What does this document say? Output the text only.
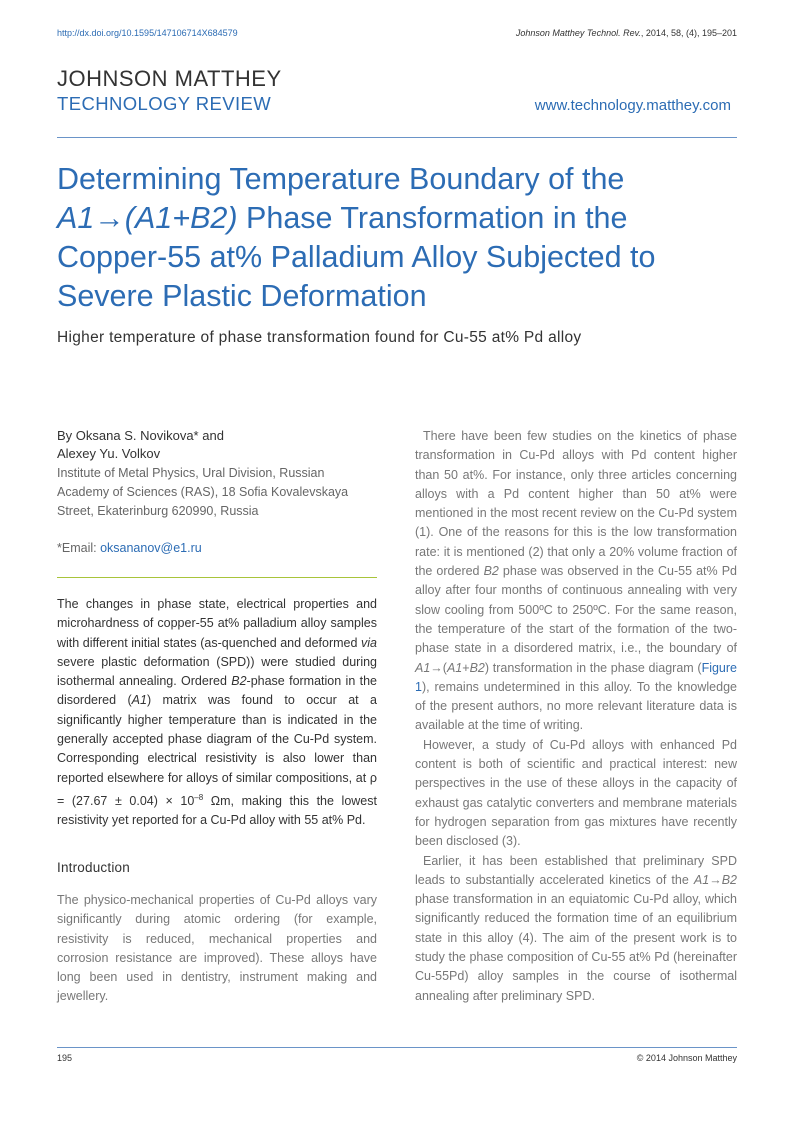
http://dx.doi.org/10.1595/147106714X684579	Johnson Matthey Technol. Rev., 2014, 58, (4), 195–201
JOHNSON MATTHEY
TECHNOLOGY REVIEW	www.technology.matthey.com
Determining Temperature Boundary of the A1→(A1+B2) Phase Transformation in the Copper-55 at% Palladium Alloy Subjected to Severe Plastic Deformation
Higher temperature of phase transformation found for Cu-55 at% Pd alloy
By Oksana S. Novikova* and
Alexey Yu. Volkov
Institute of Metal Physics, Ural Division, Russian Academy of Sciences (RAS), 18 Sofia Kovalevskaya Street, Ekaterinburg 620990, Russia
*Email: oksananov@e1.ru

The changes in phase state, electrical properties and microhardness of copper-55 at% palladium alloy samples with different initial states (as-quenched and deformed via severe plastic deformation (SPD)) were studied during isothermal annealing. Ordered B2-phase formation in the disordered (A1) matrix was found to occur at a significantly higher temperature than is indicated in the generally accepted phase diagram of the Cu-Pd system. Corresponding electrical resistivity is also lower than reported elsewhere for alloys of similar compositions, at $\rho = (27.67 \pm 0.04) \times 10^{-8}$ Ωm, making this the lowest resistivity yet reported for a Cu-Pd alloy with 55 at% Pd.

Introduction

The physico-mechanical properties of Cu-Pd alloys vary significantly during atomic ordering (for example, resistivity is reduced, mechanical properties and corrosion resistance are improved). These alloys have long been used in dentistry, instrument making and jewellery.

There have been few studies on the kinetics of phase transformation in Cu-Pd alloys with Pd content higher than 50 at%. For instance, only three articles concerning alloys with a Pd content higher than 50 at% were mentioned in the most recent review on the Cu-Pd system (1). One of the reasons for this is the low transformation rate: it is mentioned (2) that only a 20% volume fraction of the ordered B2 phase was observed in the Cu-55 at% Pd alloy after four months of continuous annealing with very slow cooling from 500ºC to 250ºC. For the same reason, the temperature of the start of the formation of the two-phase state in a disordered matrix, i.e., the boundary of A1→(A1+B2) transformation in the phase diagram (Figure 1), remains undetermined in this alloy. To the knowledge of the present authors, no more relevant literature data is available at the time of writing.

However, a study of Cu-Pd alloys with enhanced Pd content is both of scientific and practical interest: new perspectives in the use of these alloys in the capacity of exhaust gas catalytic converters and membrane materials for hydrogen separation from gas mixtures have recently been disclosed (3).

Earlier, it has been established that preliminary SPD leads to substantially accelerated kinetics of the A1→B2 phase transformation in an equiatomic Cu-Pd alloy, which significantly reduced the formation time of an equilibrium state in this alloy (4). The aim of the present work is to study the phase composition of Cu-55 at% Pd (hereinafter Cu-55Pd) alloy samples in the course of isothermal annealing after preliminary SPD.

195	© 2014 Johnson Matthey
